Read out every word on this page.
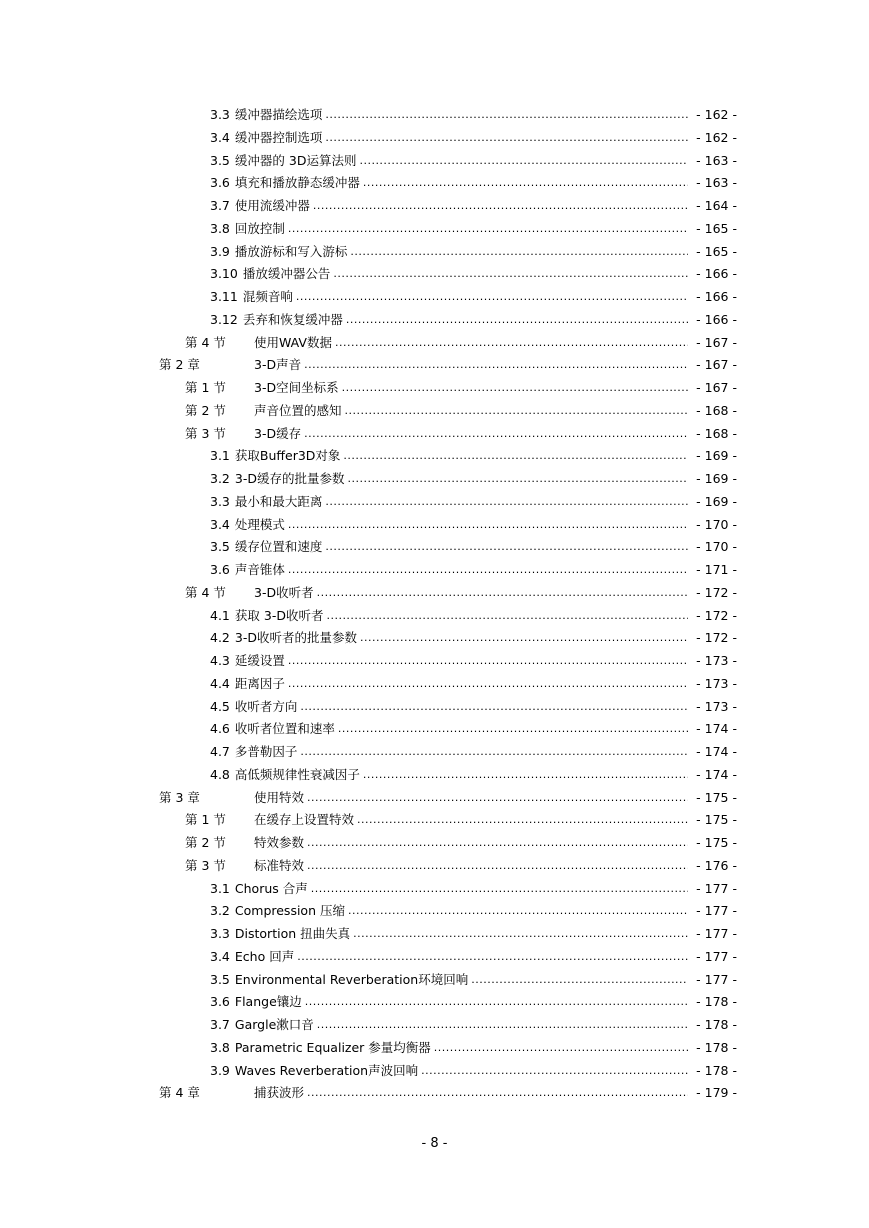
3.3 缓冲器描绘选项 .....	- 162 -
3.4 缓冲器控制选项 .....	- 162 -
3.5 缓冲器的 3D运算法则 .....	- 163 -
3.6 填充和播放静态缓冲器 .....	- 163 -
3.7 使用流缓冲器 .....	- 164 -
3.8 回放控制 .....	- 165 -
3.9 播放游标和写入游标 .....	- 165 -
3.10 播放缓冲器公告 .....	- 166 -
3.11 混频音响 .....	- 166 -
3.12 丢弃和恢复缓冲器 .....	- 166 -
第 4 节	使用WAV数据 .....	- 167 -
第 2 章	3-D声音 .....	- 167 -
第 1 节	3-D空间坐标系 .....	- 167 -
第 2 节	声音位置的感知 .....	- 168 -
第 3 节	3-D缓存 .....	- 168 -
3.1 获取Buffer3D对象 .....	- 169 -
3.2 3-D缓存的批量参数 .....	- 169 -
3.3 最小和最大距离 .....	- 169 -
3.4 处理模式 .....	- 170 -
3.5 缓存位置和速度 .....	- 170 -
3.6 声音锥体 .....	- 171 -
第 4 节	3-D收听者 .....	- 172 -
4.1 获取 3-D收听者 .....	- 172 -
4.2 3-D收听者的批量参数 .....	- 172 -
4.3 延缓设置 .....	- 173 -
4.4 距离因子 .....	- 173 -
4.5 收听者方向 .....	- 173 -
4.6 收听者位置和速率 .....	- 174 -
4.7 多普勒因子 .....	- 174 -
4.8 高低频规律性衰减因子 .....	- 174 -
第 3 章	使用特效 .....	- 175 -
第 1 节	在缓存上设置特效 .....	- 175 -
第 2 节	特效参数 .....	- 175 -
第 3 节	标准特效 .....	- 176 -
3.1 Chorus 合声 .....	- 177 -
3.2 Compression 压缩 .....	- 177 -
3.3 Distortion 扭曲失真 .....	- 177 -
3.4 Echo 回声 .....	- 177 -
3.5 Environmental Reverberation环境回响 .....	- 177 -
3.6 Flange镶边 .....	- 178 -
3.7 Gargle漱口音 .....	- 178 -
3.8 Parametric Equalizer 参量均衡器 .....	- 178 -
3.9 Waves Reverberation声波回响 .....	- 178 -
第 4 章	捕获波形 .....	- 179 -
- 8 -
